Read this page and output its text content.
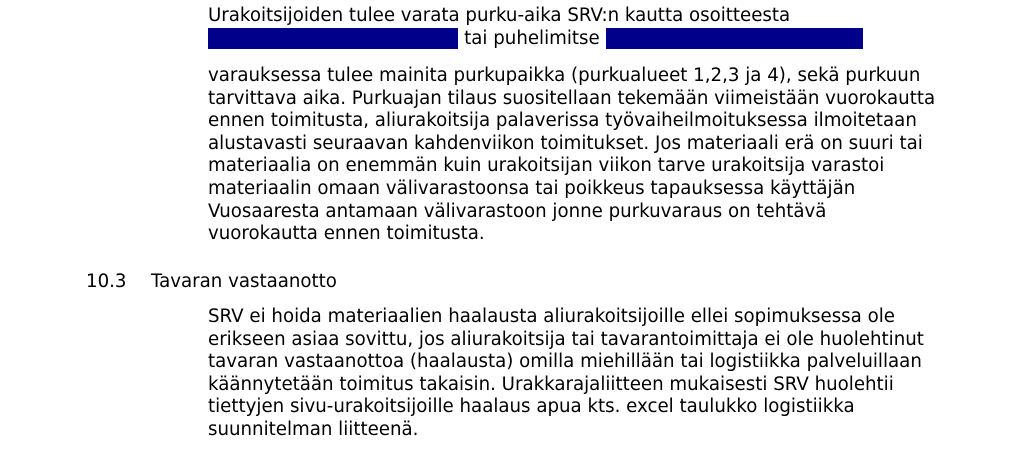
Urakoitsijoiden tulee varata purku-aika SRV:n kautta osoitteesta
logistiikka.citycenter@srv.fi tai puhelimitse Pellinen Mikko 040-7539777
varauksessa tulee mainita purkupaikka (purkualueet 1,2,3 ja 4), sekä purkuun
tarvittava aika. Purkuajan tilaus suositellaan tekemään viimeistään vuorokautta
ennen toimitusta, aliurakoitsija palaverissa työvaiheilmoituksessa ilmoitetaan
alustavasti seuraavan kahdenviikon toimitukset. Jos materiaali erä on suuri tai
materiaalia on enemmän kuin urakoitsijan viikon tarve urakoitsija varastoi
materiaalin omaan välivarastoonsa tai poikkeus tapauksessa käyttäjän
Vuosaaresta antamaan välivarastoon jonne purkuvaraus on tehtävä
vuorokautta ennen toimitusta.
10.3 Tavaran vastaanotto
SRV ei hoida materiaalien haalausta aliurakoitsijoille ellei sopimuksessa ole
erikseen asiaa sovittu, jos aliurakoitsija tai tavarantoimittaja ei ole huolehtinut
tavaran vastaanottoa (haalausta) omilla miehillään tai logistiikka palveluillaan
käännytetään toimitus takaisin. Urakkarajaliitteen mukaisesti SRV huolehtii
tiettyjen sivu-urakoitsijoille haalaus apua kts. excel taulukko logistiikka
suunnitelman liitteenä.
